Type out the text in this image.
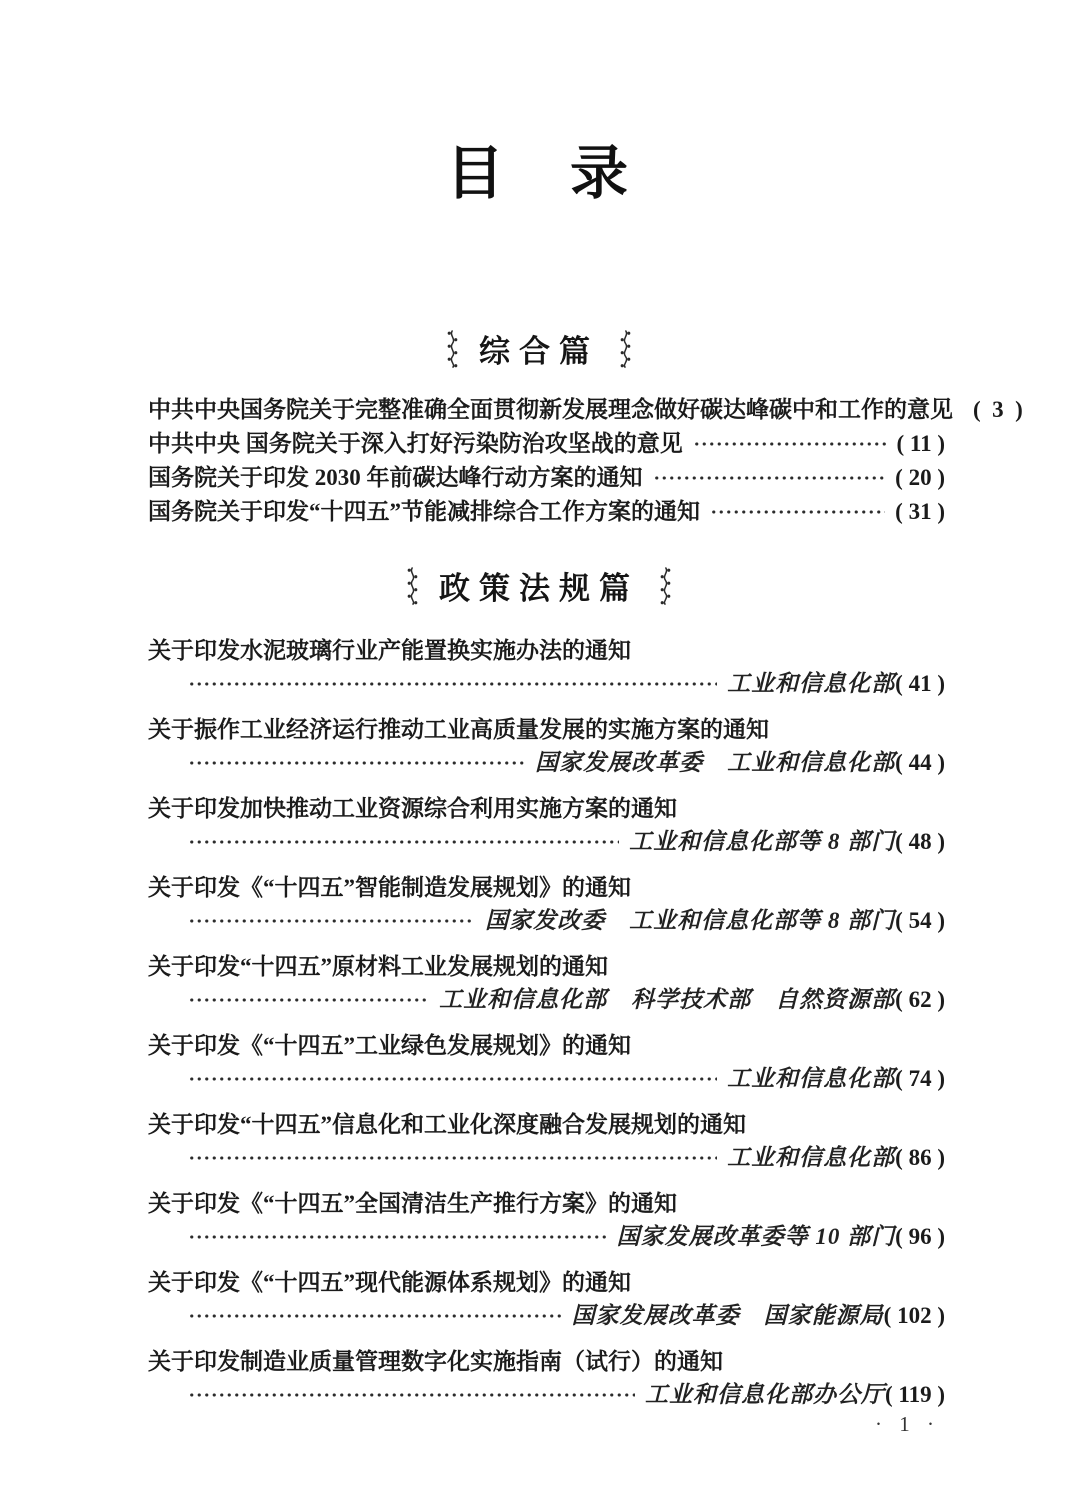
目　录
综合篇
中共中央国务院关于完整准确全面贯彻新发展理念做好碳达峰碳中和工作的意见 (  3  )
中共中央 国务院关于深入打好污染防治攻坚战的意见	( 11 )
国务院关于印发 2030 年前碳达峰行动方案的通知	( 20 )
国务院关于印发“十四五”节能减排综合工作方案的通知	( 31 )
政策法规篇
关于印发水泥玻璃行业产能置换实施办法的通知
工业和信息化部 ( 41 )
关于振作工业经济运行推动工业高质量发展的实施方案的通知
国家发展改革委　工业和信息化部 ( 44 )
关于印发加快推动工业资源综合利用实施方案的通知
工业和信息化部等 8 部门 ( 48 )
关于印发《“十四五”智能制造发展规划》的通知
国家发改委　工业和信息化部等 8 部门 ( 54 )
关于印发“十四五”原材料工业发展规划的通知
工业和信息化部　科学技术部　自然资源部 ( 62 )
关于印发《“十四五”工业绿色发展规划》的通知
工业和信息化部 ( 74 )
关于印发“十四五”信息化和工业化深度融合发展规划的通知
工业和信息化部 ( 86 )
关于印发《“十四五”全国清洁生产推行方案》的通知
国家发展改革委等 10 部门 ( 96 )
关于印发《“十四五”现代能源体系规划》的通知
国家发展改革委　国家能源局 ( 102 )
关于印发制造业质量管理数字化实施指南（试行）的通知
工业和信息化部办公厅 ( 119 )
· 1 ·
